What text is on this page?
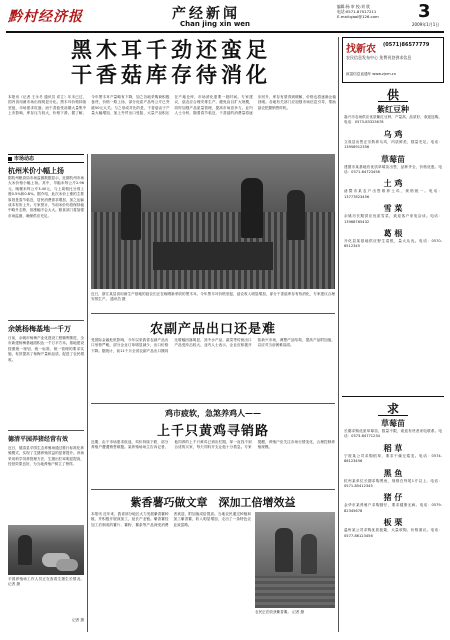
黔村经济报	产经新闻
Chan jing xin wen
编辑:杨 审 校:刘 欣
电话:0571-87017211
E-mail:gaol@126.com	3
2009年1月1日
黑木耳千劲还蛮足
干香菇库存待消化
本报讯（记者 王永冬 通讯员 邓立）年末已过，国内食用菌市场出现明显分化。黑木耳价格持续坚挺，市场需求旺盛；而干香菇受前期大量集中上市影响，库存压力较大，价格下滑。据了解，今年黑木耳产量略有下降，加之各地采购商积极备货，价格一路上扬，部分优质产品每公斤已突破50元大关。与之形成对比的是，干香菇由于产量大幅增加，加上外贸出口受阻，大量产品积压在产地仓库，市场消化需要一段时间。专家建议，菇农应合理安排生产，避免盲目扩大规模，同时加强产品质量管理，提高市场竞争力。业内人士分析，随着春节临近，干香菇的消费量将逐步回升，库存有望得到缓解，价格也将逐渐企稳回暖。各地有关部门应加强市场信息引导，帮助菇农把握销售时机。
$^{市场动态}$
杭州米价小幅上扬
据杭州粮食局市场监测数据显示，近期杭州市场大米价格小幅上扬。其中，早籼米每公斤2.96元，晚粳米每公斤3.40元，与上周相比分别上涨0.5%和0.8%。据介绍，此次米价上涨的主要原因是春节临近，居民消费需求增加，加之运输成本有所上升。专家预计，节前米价仍将保持稳中略升态势，但涨幅不会太大。粮食部门将加强市场监测，确保供应充足。
余姚杨梅基地一千万
日前，余姚市杨梅产业化建设工程顺利推进，全市新建杨梅基地面积达一千万平方米。基地建设按照统一规划、统一标准、统一管理的要求实施，有效提高了杨梅产量和品质，促进了农民增收。
德清平园养猪经营有效
近日，德清县平园生态养殖场通过推行标准化养殖模式，实现了生猪养殖效益的显著提升。该场采用科学饲养管理方法，生猪出栏率明显提高，经营效果良好，为当地养殖户树立了榜样。
平园养殖场工作人员正在查看生猪生长情况。 记者 摄
记者 摄
近日，浙江某县食用菌生产基地的菇农们正在晾晒新采收的黑木耳。今年黑木耳价格坚挺，菇农收入明显增加，部分干香菇库存有待消化，专家建议合理安排生产。 通讯员 摄
农副产品出口还是难
受国际金融危机影响，今年以来我省农副产品出口形势严峻，部分企业订单明显减少，出口价格下降。据统计，前11个月全省农副产品出口额同比增幅回落明显，其中水产品、蔬菜等传统出口产品受冲击较大。业内人士表示，企业应积极开拓新兴市场，调整产品结构，提高产品附加值，以应对当前困难局面。
鸡市疲软，急煞养鸡人——
上千只黄鸡寻销路
近期，由于市场需求低迷，鸡价持续下跌，部分养殖户遭遇销售难题。某养殖场场主告诉记者，他饲养的上千只黄鸡已到出栏期，却一直找不到合适的买家，每天饲料开支让他十分着急。专家提醒，养殖户应关注市场行情变化，合理控制养殖规模。
紫香薯巧做文章　深加工倍增效益
本报讯 近年来，我省部分地区大力发展紫香薯种植，并积极开展深加工，延长产业链。紫香薯经加工后制成的薯片、薯粉、薯条等产品深受消费者欢迎，附加值成倍提高。当地农民通过种植和加工紫香薯，收入明显增加，走出了一条特色农业致富路。
农民正在收获紫香薯。 记者 摄
找新农 (0571)86577779
农民信息发布中心 免费刊登供求信息
致富信息直通车 www.zjnm.cn
供
紫红豆种
嘉兴市农场供应优质紫红豆种，产量高、品质好，欢迎选购。电话：0573-83325678
乌 鸡
文成县出售正宗散养乌鸡，肉质鲜美，数量充足。电话：13958912356
草莓苗
建德市某基地有优质草莓苗出售，品种齐全，价格优惠。电话：0571-64723456
土 鸡
诸暨市某农户出售散养土鸡，规格统一。电话：13777823456
雪 菜
余姚市长期供应优质雪菜，欢迎客户来电洽谈。电话：13968765432
葛 根
开化县某基地供应野生葛根，量大从优。电话：0570-6512345
求
草莓苗
长期求购优质草莓苗，数量不限，欢迎有货者来电联系。电话：0573-84771234
稻 草
宁波某公司求购稻草，要求干燥无霉变。电话：0574-88123456
黑 鱼
杭州某单位长期求购黑鱼，规格在每尾1斤以上。电话：0571-85412345
猪 仔
金华市某养殖户求购猪仔，要求健康无病。电话：0579-82345678
板 栗
温州某公司求购优质板栗，大量收购，价格面议。电话：0577-86123456
